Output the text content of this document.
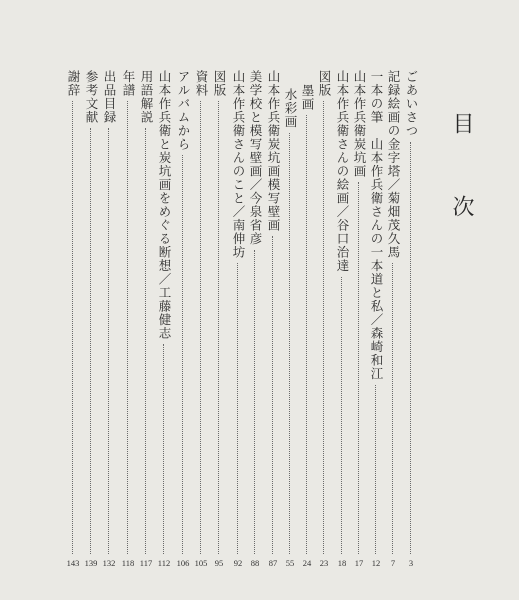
目 次
ごあいさつ
3
記録絵画の金字塔／菊畑茂久馬
7
一本の筆　山本作兵衛さんの一本道と私／森崎和江
12
山本作兵衛炭坑画
17
山本作兵衛さんの絵画／谷口治達
18
図版
23
墨画
24
水彩画
55
山本作兵衛炭坑画模写壁画
87
美学校と模写壁画／今泉省彦
88
山本作兵衛さんのこと／南伸坊
92
図版
95
資料
105
アルバムから
106
山本作兵衛と炭坑画をめぐる断想／工藤健志
112
用語解説
117
年譜
118
出品目録
132
参考文献
139
謝辞
143
